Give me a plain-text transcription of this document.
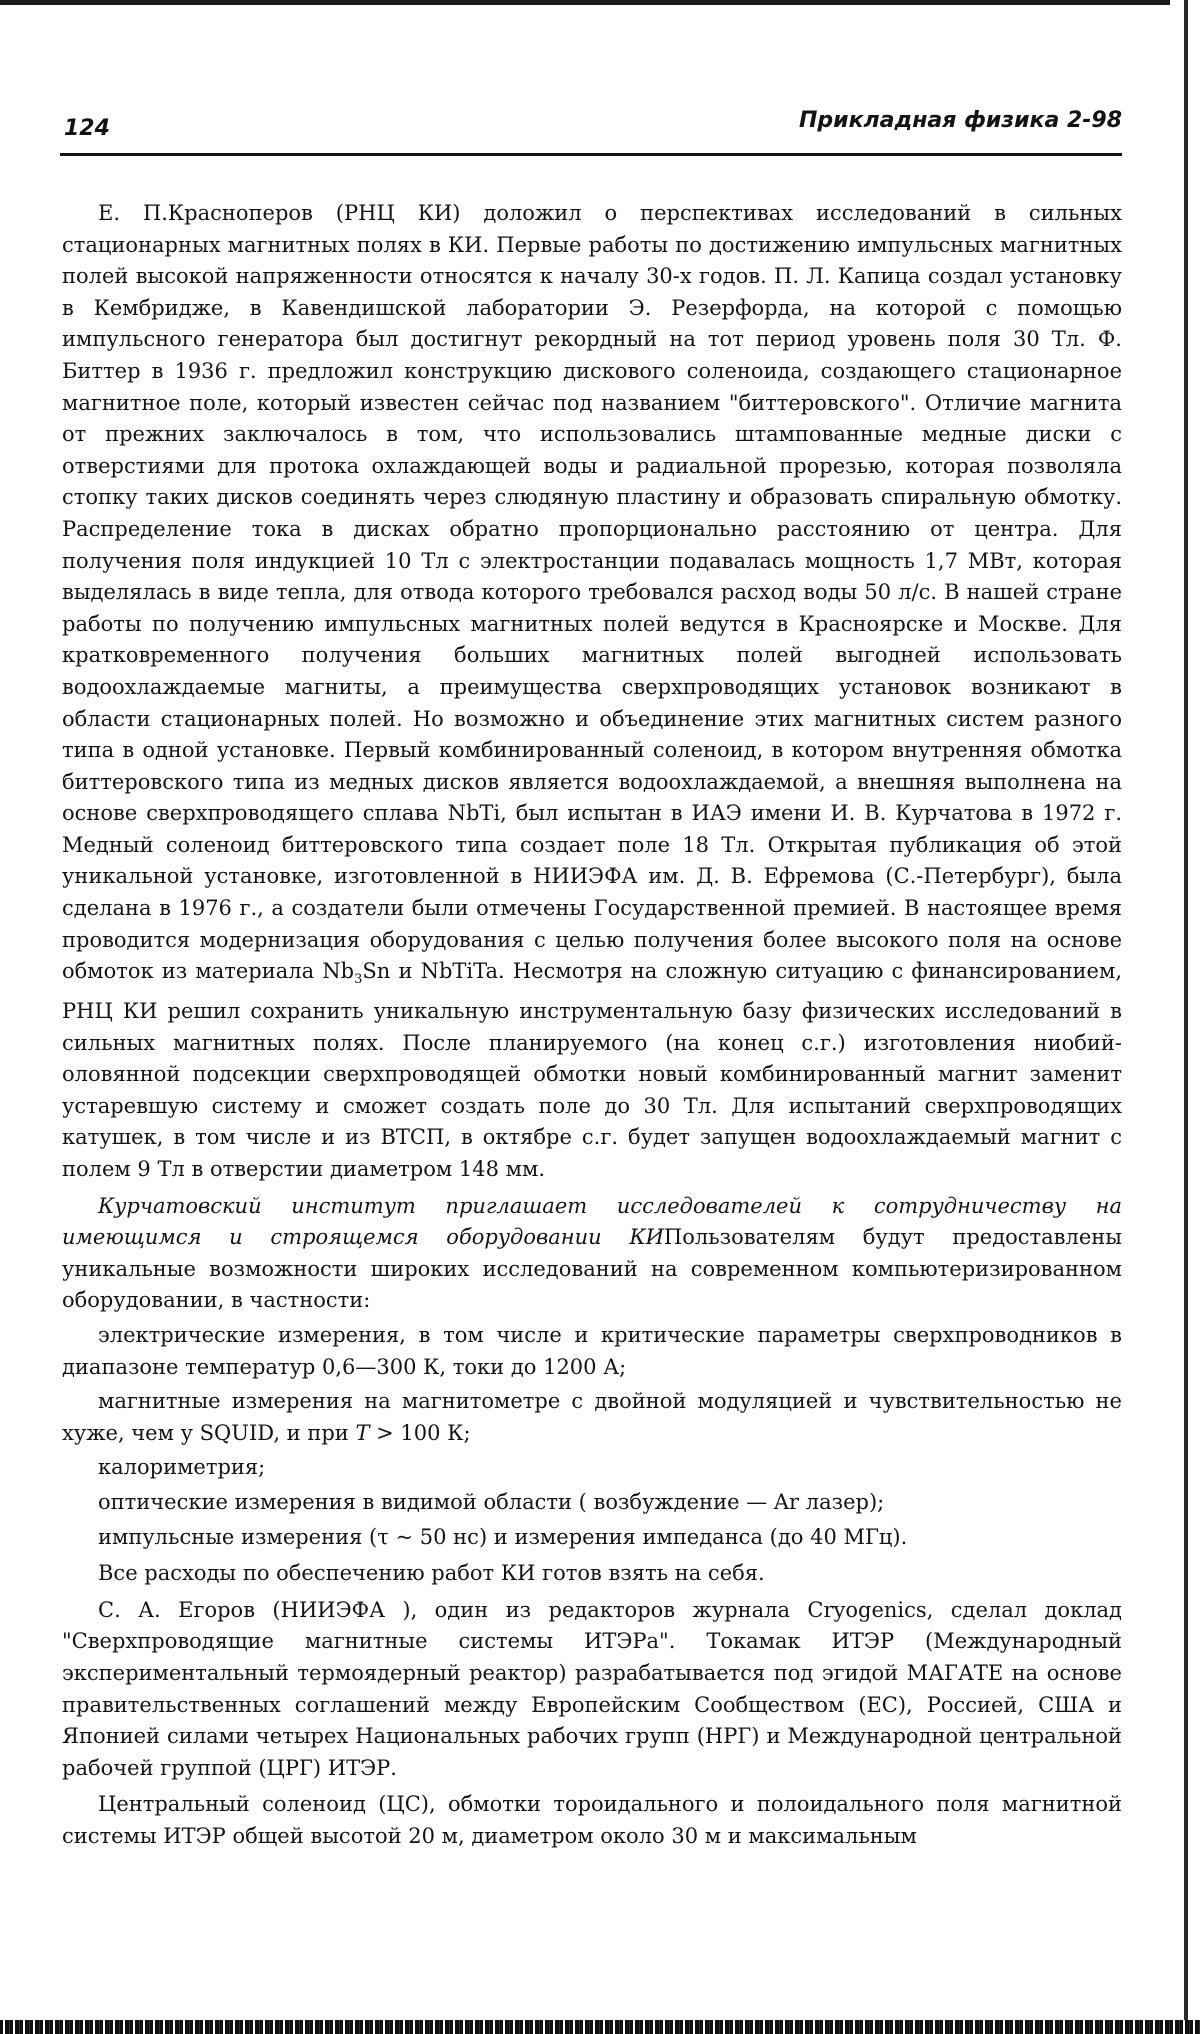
124	Прикладная физика 2-98

Е. П.Красноперов (РНЦ КИ) доложил о перспективах исследований в сильных стационарных магнитных полях в КИ. Первые работы по достижению импульсных магнитных полей высокой напряженности относятся к началу 30-х годов. П. Л. Капица создал установку в Кембридже, в Кавендишской лаборатории Э. Резерфорда, на которой с помощью импульсного генератора был достигнут рекордный на тот период уровень поля 30 Тл. Ф. Биттер в 1936 г. предложил конструкцию дискового соленоида, создающего стационарное магнитное поле, который известен сейчас под названием "биттеровского". Отличие магнита от прежних заключалось в том, что использовались штампованные медные диски с отверстиями для протока охлаждающей воды и радиальной прорезью, которая позволяла стопку таких дисков соединять через слюдяную пластину и образовать спиральную обмотку. Распределение тока в дисках обратно пропорционально расстоянию от центра. Для получения поля индукцией 10 Тл с электростанции подавалась мощность 1,7 МВт, которая выделялась в виде тепла, для отвода которого требовался расход воды 50 л/с. В нашей стране работы по получению импульсных магнитных полей ведутся в Красноярске и Москве. Для кратковременного получения больших магнитных полей выгодней использовать водоохлаждаемые магниты, а преимущества сверхпроводящих установок возникают в области стационарных полей. Но возможно и объединение этих магнитных систем разного типа в одной установке. Первый комбинированный соленоид, в котором внутренняя обмотка биттеровского типа из медных дисков является водоохлаждаемой, а внешняя выполнена на основе сверхпроводящего сплава NbTi, был испытан в ИАЭ имени И. В. Курчатова в 1972 г. Медный соленоид биттеровского типа создает поле 18 Тл. Открытая публикация об этой уникальной установке, изготовленной в НИИЭФА им. Д. В. Ефремова (С.-Петербург), была сделана в 1976 г., а создатели были отмечены Государственной премией. В настоящее время проводится модернизация оборудования с целью получения более высокого поля на основе обмоток из материала $Nb_3Sn$ и NbTiTa. Несмотря на сложную ситуацию с финансированием, РНЦ КИ решил сохранить уникальную инструментальную базу физических исследований в сильных магнитных полях. После планируемого (на конец с.г.) изготовления ниобий-оловянной подсекции сверхпроводящей обмотки новый комбинированный магнит заменит устаревшую систему и сможет создать поле до 30 Тл. Для испытаний сверхпроводящих катушек, в том числе и из ВТСП, в октябре с.г. будет запущен водоохлаждаемый магнит с полем 9 Тл в отверстии диаметром 148 мм.

Курчатовский институт приглашает исследователей к сотрудничеству на имеющимся и строящемся оборудовании КИПользователям будут предоставлены уникальные возможности широких исследований на современном компьютеризированном оборудовании, в частности:

электрические измерения, в том числе и критические параметры сверхпроводников в диапазоне температур 0,6—300 К, токи до 1200 А;

магнитные измерения на магнитометре с двойной модуляцией и чувствительностью не хуже, чем у SQUID, и при T > 100 К;

калориметрия;

оптические измерения в видимой области ( возбуждение — Ar лазер);

импульсные измерения (τ ~ 50 нс) и измерения импеданса (до 40 МГц).

Все расходы по обеспечению работ КИ готов взять на себя.

С. А. Егоров (НИИЭФА ), один из редакторов журнала Cryogenics, сделал доклад "Сверхпроводящие магнитные системы ИТЭРа". Токамак ИТЭР (Международный экспериментальный термоядерный реактор) разрабатывается под эгидой МАГАТЕ на основе правительственных соглашений между Европейским Сообществом (ЕС), Россией, США и Японией силами четырех Национальных рабочих групп (НРГ) и Международной центральной рабочей группой (ЦРГ) ИТЭР.

Центральный соленоид (ЦС), обмотки тороидального и полоидального поля магнитной системы ИТЭР общей высотой 20 м, диаметром около 30 м и максимальным
